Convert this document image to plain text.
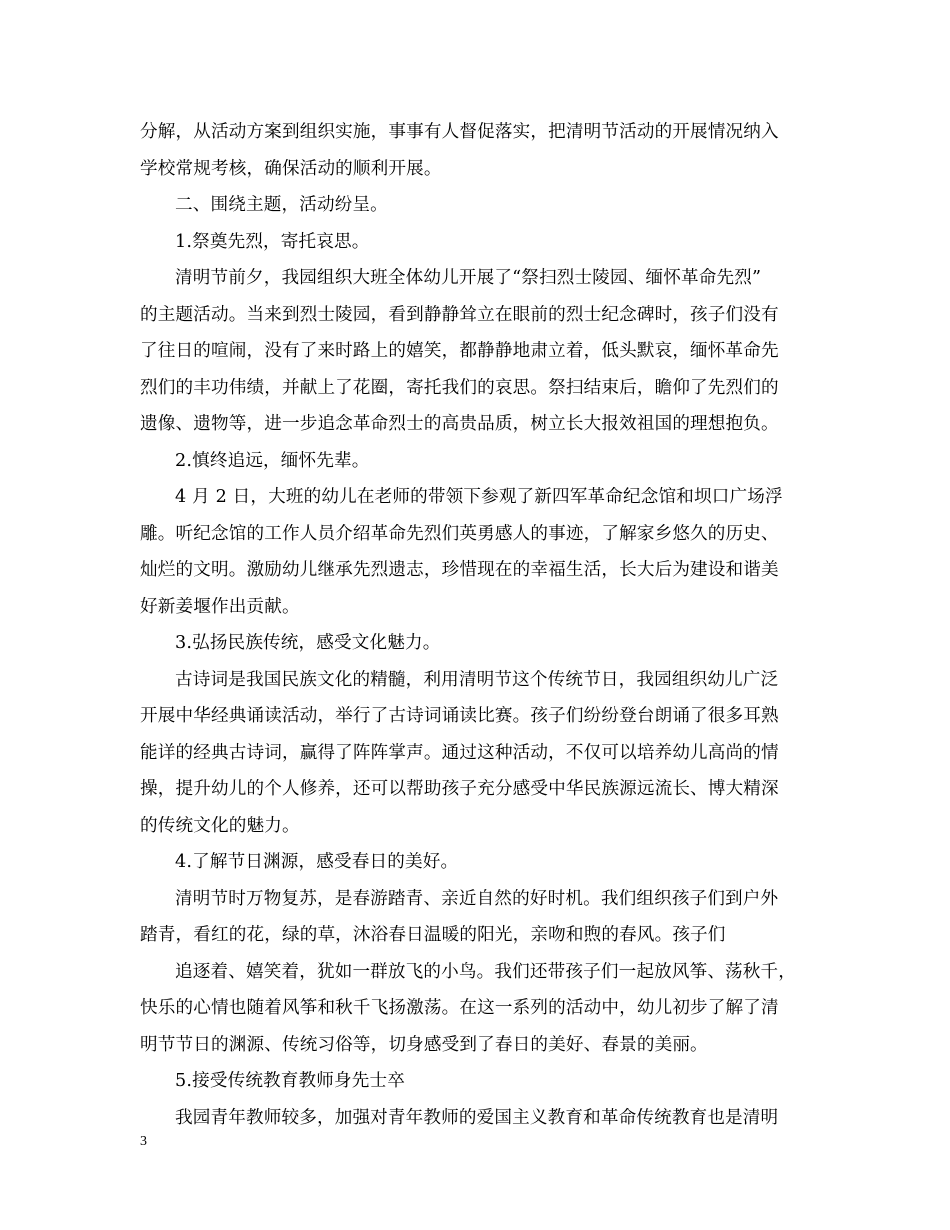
分解，从活动方案到组织实施，事事有人督促落实，把清明节活动的开展情况纳入
学校常规考核，确保活动的顺利开展。
二、围绕主题，活动纷呈。
1.祭奠先烈，寄托哀思。
清明节前夕，我园组织大班全体幼儿开展了“祭扫烈士陵园、缅怀革命先烈”
的主题活动。当来到烈士陵园，看到静静耸立在眼前的烈士纪念碑时，孩子们没有
了往日的喧闹，没有了来时路上的嬉笑，都静静地肃立着，低头默哀，缅怀革命先
烈们的丰功伟绩，并献上了花圈，寄托我们的哀思。祭扫结束后，瞻仰了先烈们的
遗像、遗物等，进一步追念革命烈士的高贵品质，树立长大报效祖国的理想抱负。
2.慎终追远，缅怀先辈。
4 月 2 日，大班的幼儿在老师的带领下参观了新四军革命纪念馆和坝口广场浮
雕。听纪念馆的工作人员介绍革命先烈们英勇感人的事迹，了解家乡悠久的历史、
灿烂的文明。激励幼儿继承先烈遗志，珍惜现在的幸福生活，长大后为建设和谐美
好新姜堰作出贡献。
3.弘扬民族传统，感受文化魅力。
古诗词是我国民族文化的精髓，利用清明节这个传统节日，我园组织幼儿广泛
开展中华经典诵读活动，举行了古诗词诵读比赛。孩子们纷纷登台朗诵了很多耳熟
能详的经典古诗词，赢得了阵阵掌声。通过这种活动，不仅可以培养幼儿高尚的情
操，提升幼儿的个人修养，还可以帮助孩子充分感受中华民族源远流长、博大精深
的传统文化的魅力。
4.了解节日渊源，感受春日的美好。
清明节时万物复苏，是春游踏青、亲近自然的好时机。我们组织孩子们到户外
踏青，看红的花，绿的草，沐浴春日温暖的阳光，亲吻和煦的春风。孩子们
追逐着、嬉笑着，犹如一群放飞的小鸟。我们还带孩子们一起放风筝、荡秋千，
快乐的心情也随着风筝和秋千飞扬激荡。在这一系列的活动中，幼儿初步了解了清
明节节日的渊源、传统习俗等，切身感受到了春日的美好、春景的美丽。
5.接受传统教育教师身先士卒
我园青年教师较多，加强对青年教师的爱国主义教育和革命传统教育也是清明
3
